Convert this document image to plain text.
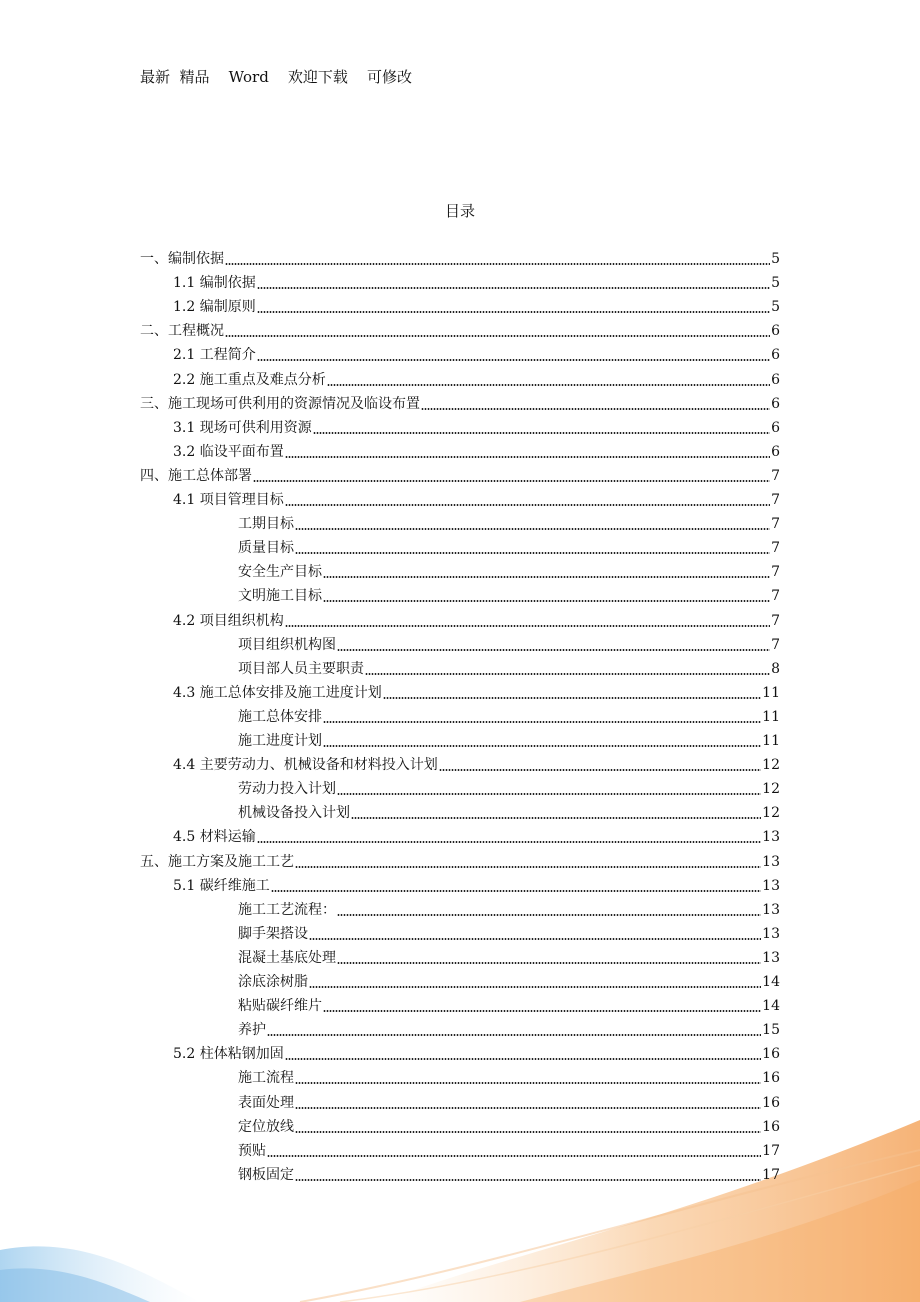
最新  精品    Word    欢迎下载    可修改
目录
一、编制依据	5
1.1 编制依据	5
1.2 编制原则	5
二、工程概况	6
2.1 工程简介	6
2.2 施工重点及难点分析	6
三、施工现场可供利用的资源情况及临设布置	6
3.1 现场可供利用资源	6
3.2 临设平面布置	6
四、施工总体部署	7
4.1 项目管理目标	7
工期目标	7
质量目标	7
安全生产目标	7
文明施工目标	7
4.2 项目组织机构	7
项目组织机构图	7
项目部人员主要职责	8
4.3 施工总体安排及施工进度计划	11
施工总体安排	11
施工进度计划	11
4.4 主要劳动力、机械设备和材料投入计划	12
劳动力投入计划	12
机械设备投入计划	12
4.5 材料运输	13
五、施工方案及施工工艺	13
5.1 碳纤维施工	13
施工工艺流程：	13
脚手架搭设	13
混凝土基底处理	13
涂底涂树脂	14
粘贴碳纤维片	14
养护	15
5.2 柱体粘钢加固	16
施工流程	16
表面处理	16
定位放线	16
预贴	17
钢板固定	17
